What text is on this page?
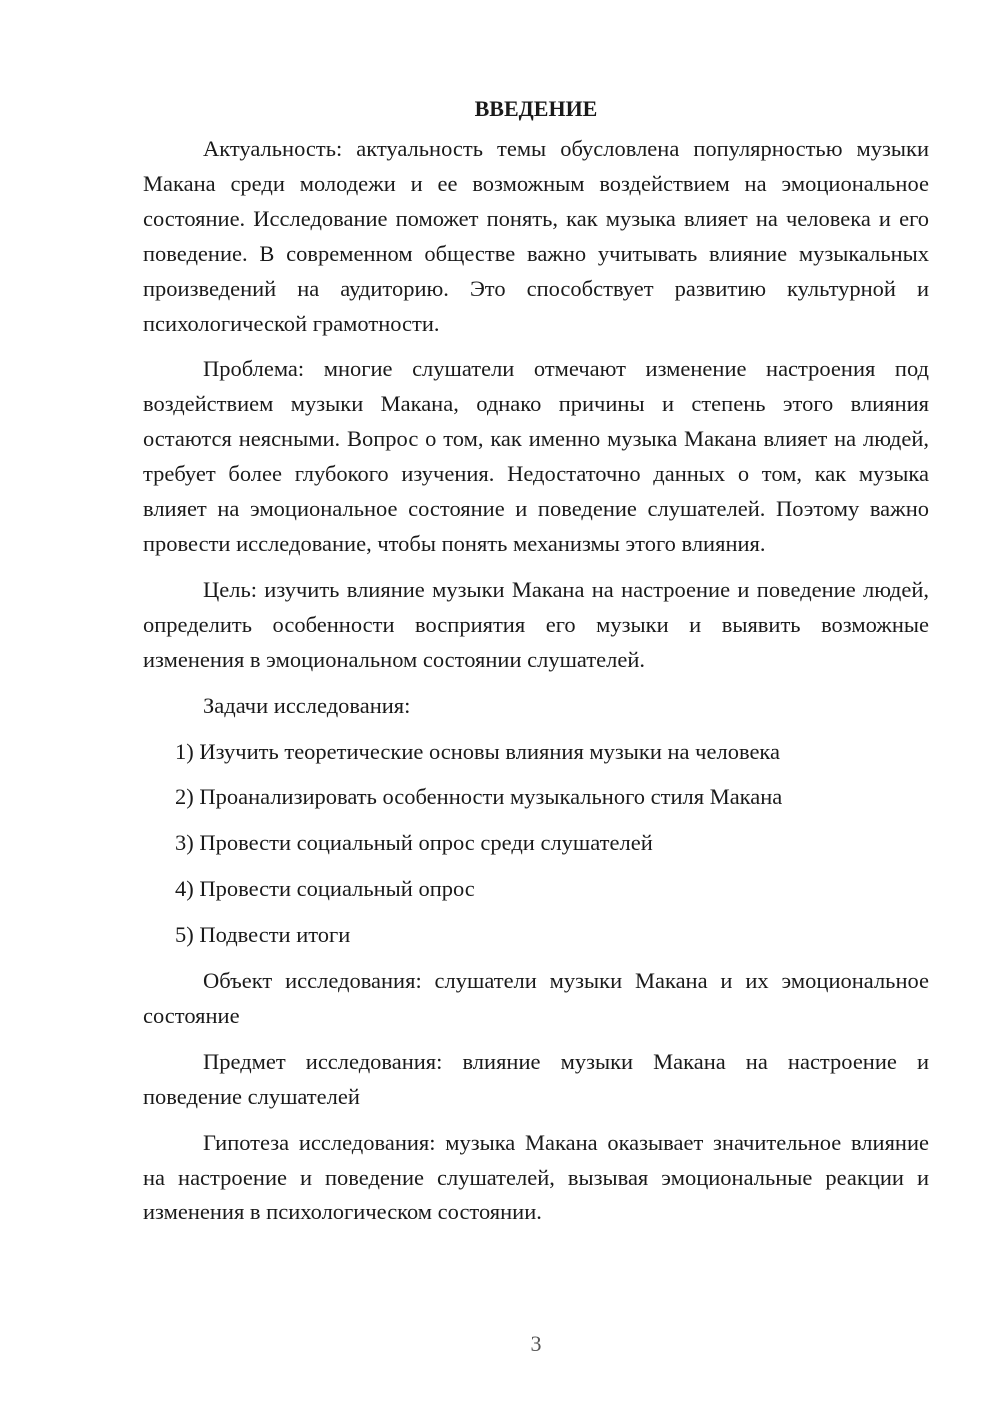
ВВЕДЕНИЕ

Актуальность: актуальность темы обусловлена популярностью музыки Макана среди молодежи и ее возможным воздействием на эмоциональное состояние. Исследование поможет понять, как музыка влияет на человека и его поведение. В современном обществе важно учитывать влияние музыкальных произведений на аудиторию. Это способствует развитию культурной и психологической грамотности.

Проблема: многие слушатели отмечают изменение настроения под воздействием музыки Макана, однако причины и степень этого влияния остаются неясными. Вопрос о том, как именно музыка Макана влияет на людей, требует более глубокого изучения. Недостаточно данных о том, как музыка влияет на эмоциональное состояние и поведение слушателей. Поэтому важно провести исследование, чтобы понять механизмы этого влияния.

Цель: изучить влияние музыки Макана на настроение и поведение людей, определить особенности восприятия его музыки и выявить возможные изменения в эмоциональном состоянии слушателей.

Задачи исследования:

1) Изучить теоретические основы влияния музыки на человека

2) Проанализировать особенности музыкального стиля Макана

3) Провести социальный опрос среди слушателей

4) Провести социальный опрос

5) Подвести итоги

Объект исследования: слушатели музыки Макана и их эмоциональное состояние

Предмет исследования: влияние музыки Макана на настроение и поведение слушателей

Гипотеза исследования: музыка Макана оказывает значительное влияние на настроение и поведение слушателей, вызывая эмоциональные реакции и изменения в психологическом состоянии.

3
